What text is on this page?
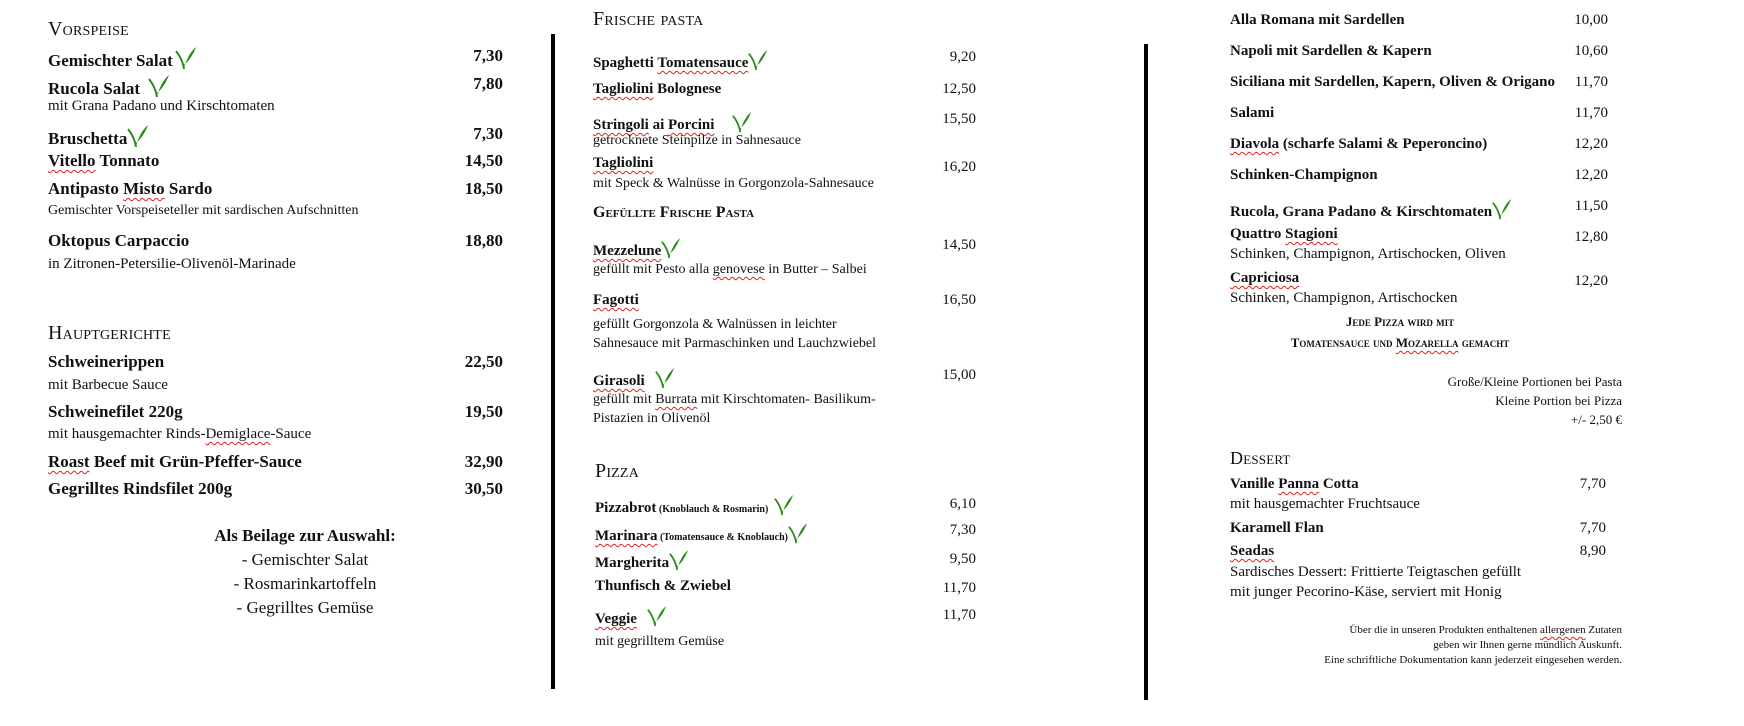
Vorspeise
Gemischter Salat	7,30
Rucola Salat	7,80
mit Grana Padano und Kirschtomaten
Bruschetta	7,30
Vitello Tonnato	14,50
Antipasto Misto Sardo	18,50
Gemischter Vorspeiseteller mit sardischen Aufschnitten
Oktopus Carpaccio	18,80
in Zitronen-Petersilie-Olivenöl-Marinade
Hauptgerichte
Schweinerippen	22,50
mit Barbecue Sauce
Schweinefilet 220g	19,50
mit hausgemachter Rinds-Demiglace-Sauce
Roast Beef mit Grün-Pfeffer-Sauce	32,90
Gegrilltes Rindsfilet 200g	30,50
Als Beilage zur Auswahl:
- Gemischter Salat
- Rosmarinkartoffeln
- Gegrilltes Gemüse
Frische pasta
Spaghetti Tomatensauce	9,20
Tagliolini Bolognese	12,50
Stringoli ai Porcini	15,50
getrocknete Steinpilze in Sahnesauce
Tagliolini	16,20
mit Speck & Walnüsse in Gorgonzola-Sahnesauce
Gefüllte Frische Pasta
Mezzelune	14,50
gefüllt mit Pesto alla genovese in Butter – Salbei
Fagotti	16,50
gefüllt Gorgonzola & Walnüssen in leichter
Sahnesauce mit Parmaschinken und Lauchzwiebel
Girasoli	15,00
gefüllt mit Burrata mit Kirschtomaten- Basilikum-
Pistazien in Olivenöl
Pizza
Pizzabrot (Knoblauch & Rosmarin)	6,10
Marinara (Tomatensauce & Knoblauch)	7,30
Margherita	9,50
Thunfisch & Zwiebel	11,70
Veggie	11,70
mit gegrilltem Gemüse
Alla Romana mit Sardellen	10,00
Napoli mit Sardellen & Kapern	10,60
Siciliana mit Sardellen, Kapern, Oliven & Origano	11,70
Salami	11,70
Diavola (scharfe Salami & Peperoncino)	12,20
Schinken-Champignon	12,20
Rucola, Grana Padano & Kirschtomaten	11,50
Quattro Stagioni	12,80
Schinken, Champignon, Artischocken, Oliven
Capriciosa	12,20
Schinken, Champignon, Artischocken
Jede Pizza wird mit
Tomatensauce und Mozarella gemacht
Große/Kleine Portionen bei Pasta
Kleine Portion bei Pizza
+/- 2,50 €
Dessert
Vanille Panna Cotta	7,70
mit hausgemachter Fruchtsauce
Karamell Flan	7,70
Seadas	8,90
Sardisches Dessert: Frittierte Teigtaschen gefüllt
mit junger Pecorino-Käse, serviert mit Honig
Über die in unseren Produkten enthaltenen allergenen Zutaten
geben wir Ihnen gerne mündlich Auskunft.
Eine schriftliche Dokumentation kann jederzeit eingesehen werden.
